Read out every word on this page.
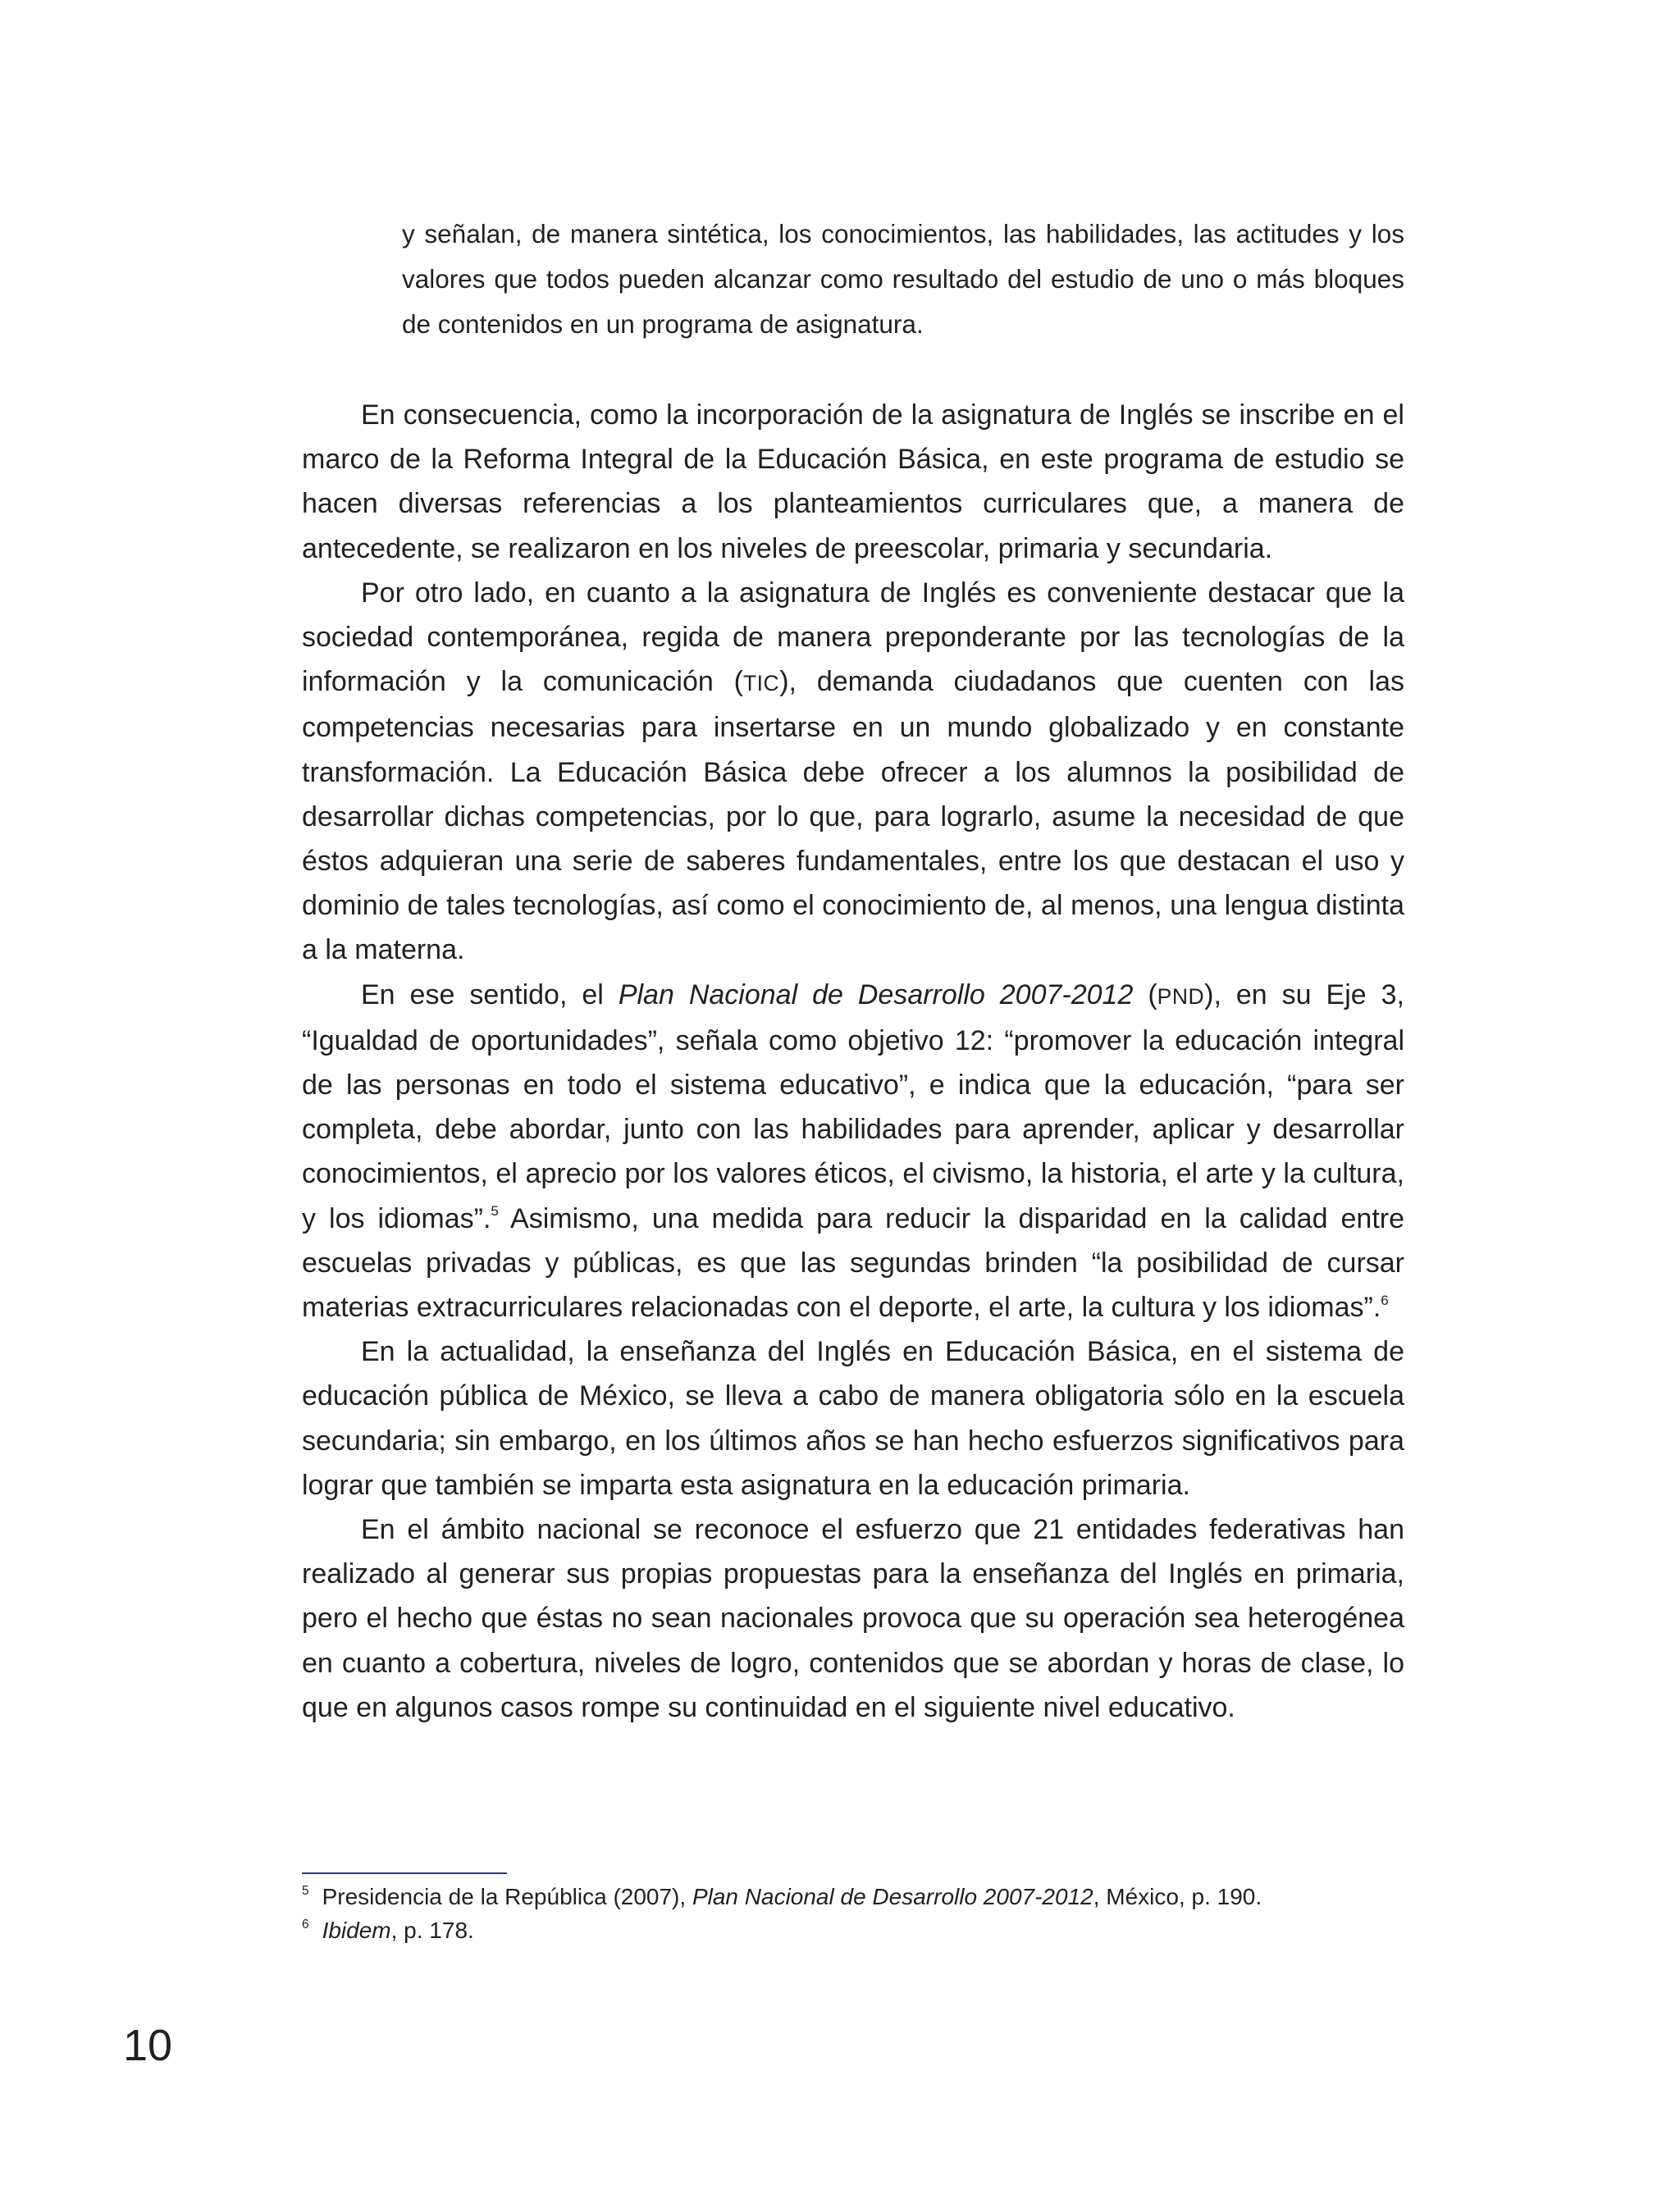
y señalan, de manera sintética, los conocimientos, las habilidades, las actitudes y los valores que todos pueden alcanzar como resultado del estudio de uno o más bloques de contenidos en un programa de asignatura.

En consecuencia, como la incorporación de la asignatura de Inglés se inscribe en el marco de la Reforma Integral de la Educación Básica, en este programa de estudio se hacen diversas referencias a los planteamientos curriculares que, a manera de antecedente, se realizaron en los niveles de preescolar, primaria y secundaria.

Por otro lado, en cuanto a la asignatura de Inglés es conveniente destacar que la sociedad contemporánea, regida de manera preponderante por las tecnologías de la información y la comunicación (TIC), demanda ciudadanos que cuenten con las competencias necesarias para insertarse en un mundo globalizado y en constante transformación. La Educación Básica debe ofrecer a los alumnos la posibilidad de desarrollar dichas competencias, por lo que, para lograrlo, asume la necesidad de que éstos adquieran una serie de saberes fundamentales, entre los que destacan el uso y dominio de tales tecnologías, así como el conocimiento de, al menos, una lengua distinta a la materna.

En ese sentido, el Plan Nacional de Desarrollo 2007-2012 (PND), en su Eje 3, “Igualdad de oportunidades”, señala como objetivo 12: “promover la educación integral de las personas en todo el sistema educativo”, e indica que la educación, “para ser completa, debe abordar, junto con las habilidades para aprender, aplicar y desarrollar conocimientos, el aprecio por los valores éticos, el civismo, la historia, el arte y la cultura, y los idiomas”.$^5$ Asimismo, una medida para reducir la disparidad en la calidad entre escuelas privadas y públicas, es que las segundas brinden “la posibilidad de cursar materias extracurriculares relacionadas con el deporte, el arte, la cultura y los idiomas”.$^6$

En la actualidad, la enseñanza del Inglés en Educación Básica, en el sistema de educación pública de México, se lleva a cabo de manera obligatoria sólo en la escuela secundaria; sin embargo, en los últimos años se han hecho esfuerzos significativos para lograr que también se imparta esta asignatura en la educación primaria.

En el ámbito nacional se reconoce el esfuerzo que 21 entidades federativas han realizado al generar sus propias propuestas para la enseñanza del Inglés en primaria, pero el hecho que éstas no sean nacionales provoca que su operación sea heterogénea en cuanto a cobertura, niveles de logro, contenidos que se abordan y horas de clase, lo que en algunos casos rompe su continuidad en el siguiente nivel educativo.

$^5$ Presidencia de la República (2007), Plan Nacional de Desarrollo 2007-2012, México, p. 190.

$^6$ Ibidem, p. 178.

10
